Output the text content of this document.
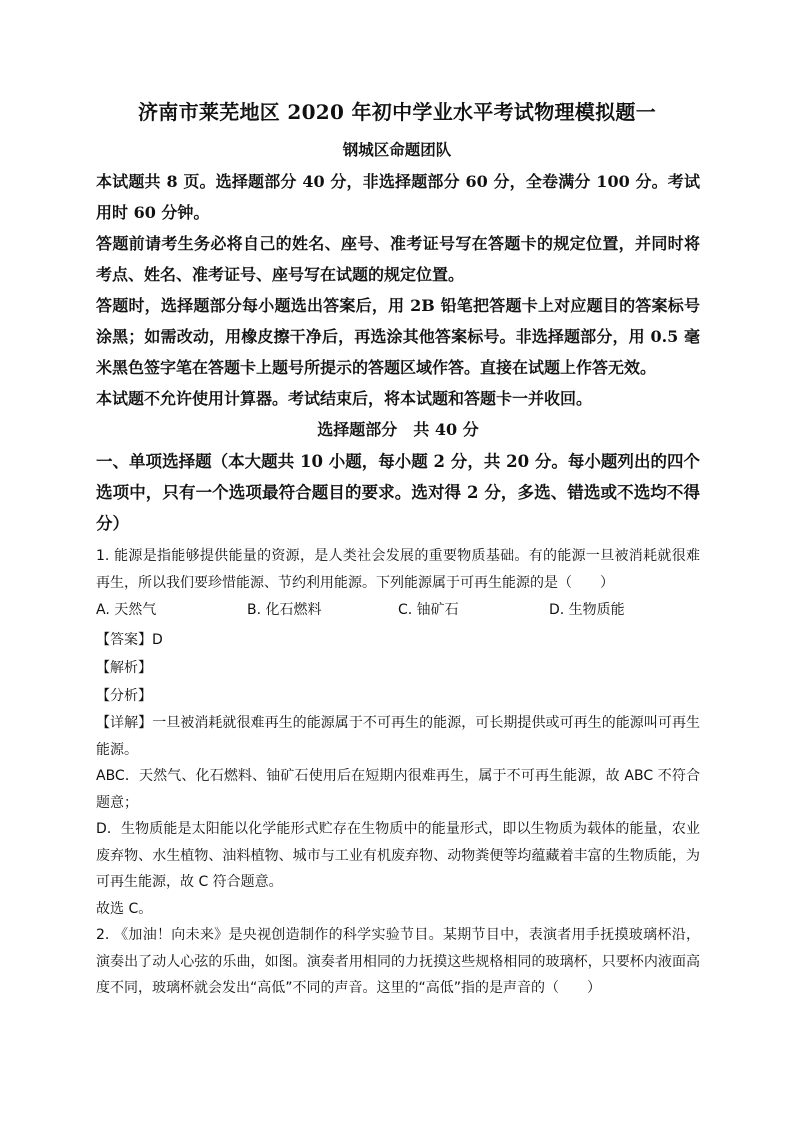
济南市莱芜地区 2020 年初中学业水平考试物理模拟题一
钢城区命题团队

本试题共 8 页。选择题部分 40 分，非选择题部分 60 分，全卷满分 100 分。考试用时 60 分钟。

答题前请考生务必将自己的姓名、座号、准考证号写在答题卡的规定位置，并同时将考点、姓名、准考证号、座号写在试题的规定位置。

答题时，选择题部分每小题选出答案后，用 2B 铅笔把答题卡上对应题目的答案标号涂黑；如需改动，用橡皮擦干净后，再选涂其他答案标号。非选择题部分，用 0.5 毫米黑色签字笔在答题卡上题号所提示的答题区域作答。直接在试题上作答无效。

本试题不允许使用计算器。考试结束后，将本试题和答题卡一并收回。

选择题部分　共 40 分

一、单项选择题（本大题共 10 小题，每小题 2 分，共 20 分。每小题列出的四个选项中，只有一个选项最符合题目的要求。选对得 2 分，多选、错选或不选均不得分）

1. 能源是指能够提供能量的资源，是人类社会发展的重要物质基础。有的能源一旦被消耗就很难再生，所以我们要珍惜能源、节约利用能源。下列能源属于可再生能源的是（　　）

A. 天然气	B. 化石燃料	C. 铀矿石	D. 生物质能

【答案】D

【解析】

【分析】

【详解】一旦被消耗就很难再生的能源属于不可再生的能源，可长期提供或可再生的能源叫可再生能源。

ABC．天然气、化石燃料、铀矿石使用后在短期内很难再生，属于不可再生能源，故 ABC 不符合题意；

D．生物质能是太阳能以化学能形式贮存在生物质中的能量形式，即以生物质为载体的能量，农业废弃物、水生植物、油料植物、城市与工业有机废弃物、动物粪便等均蕴藏着丰富的生物质能，为可再生能源，故 C 符合题意。

故选 C。

2. 《加油！向未来》是央视创造制作的科学实验节目。某期节目中，表演者用手抚摸玻璃杯沿，演奏出了动人心弦的乐曲，如图。演奏者用相同的力抚摸这些规格相同的玻璃杯，只要杯内液面高度不同，玻璃杯就会发出“高低”不同的声音。这里的“高低”指的是声音的（　　）
